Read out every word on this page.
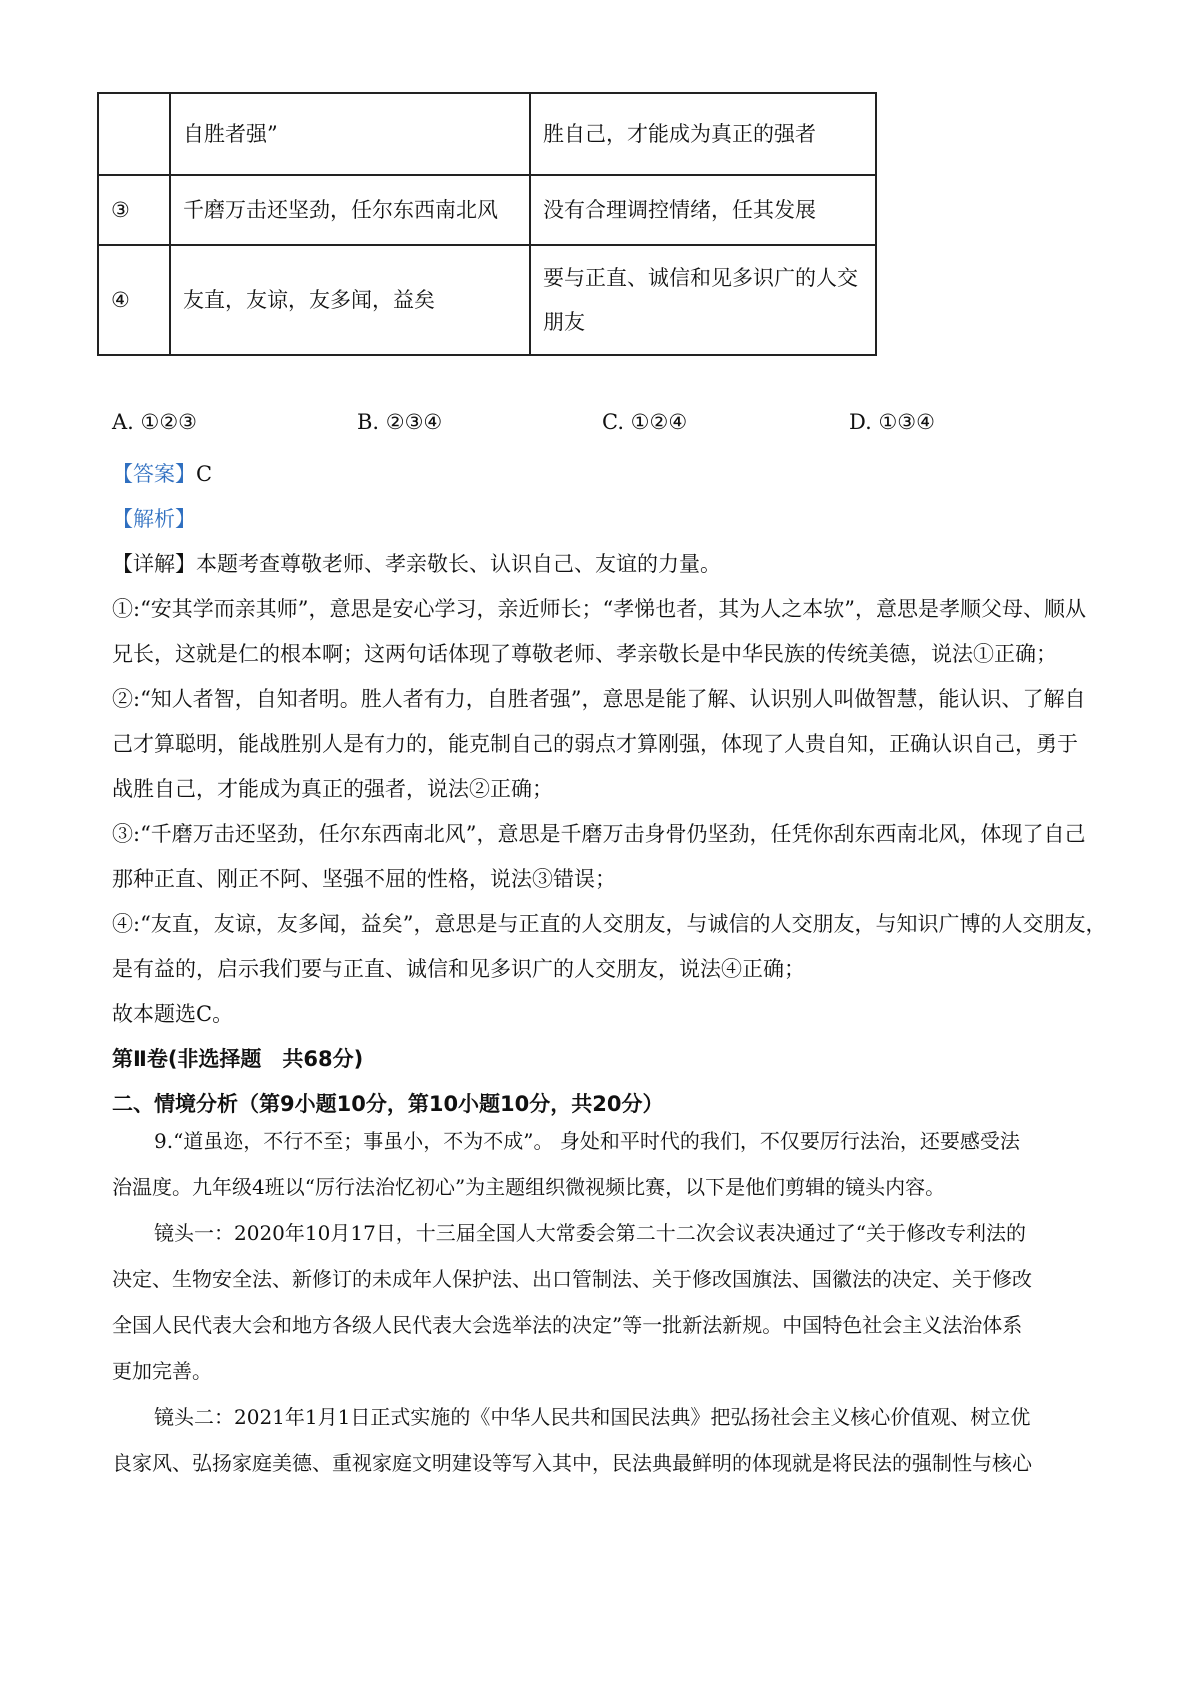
	自胜者强”	胜自己，才能成为真正的强者
③	千磨万击还坚劲，任尔东西南北风	没有合理调控情绪，任其发展
④	友直，友谅，友多闻，益矣	要与正直、诚信和见多识广的人交
朋友
A. ①②③	B. ②③④	C. ①②④	D. ①③④
【答案】C
【解析】
【详解】本题考查尊敬老师、孝亲敬长、认识自己、友谊的力量。
①:“安其学而亲其师”，意思是安心学习，亲近师长；“孝悌也者，其为人之本欤”，意思是孝顺父母、顺从
兄长，这就是仁的根本啊；这两句话体现了尊敬老师、孝亲敬长是中华民族的传统美德，说法①正确；
②:“知人者智，自知者明。胜人者有力，自胜者强”，意思是能了解、认识别人叫做智慧，能认识、了解自
己才算聪明，能战胜别人是有力的，能克制自己的弱点才算刚强，体现了人贵自知，正确认识自己，勇于
战胜自己，才能成为真正的强者，说法②正确；
③:“千磨万击还坚劲，任尔东西南北风”，意思是千磨万击身骨仍坚劲，任凭你刮东西南北风，体现了自己
那种正直、刚正不阿、坚强不屈的性格，说法③错误；
④:“友直，友谅，友多闻，益矣”，意思是与正直的人交朋友，与诚信的人交朋友，与知识广博的人交朋友，
是有益的，启示我们要与正直、诚信和见多识广的人交朋友，说法④正确；
故本题选C。
第Ⅱ卷(非选择题　共68分)
二、情境分析（第9小题10分，第10小题10分，共20分）
9.“道虽迩，不行不至；事虽小，不为不成”。 身处和平时代的我们，不仅要厉行法治，还要感受法
治温度。九年级4班以“厉行法治忆初心”为主题组织微视频比赛，以下是他们剪辑的镜头内容。
镜头一：2020年10月17日，十三届全国人大常委会第二十二次会议表决通过了“关于修改专利法的
决定、生物安全法、新修订的未成年人保护法、出口管制法、关于修改国旗法、国徽法的决定、关于修改
全国人民代表大会和地方各级人民代表大会选举法的决定”等一批新法新规。中国特色社会主义法治体系
更加完善。
镜头二：2021年1月1日正式实施的《中华人民共和国民法典》把弘扬社会主义核心价值观、树立优
良家风、弘扬家庭美德、重视家庭文明建设等写入其中，民法典最鲜明的体现就是将民法的强制性与核心
